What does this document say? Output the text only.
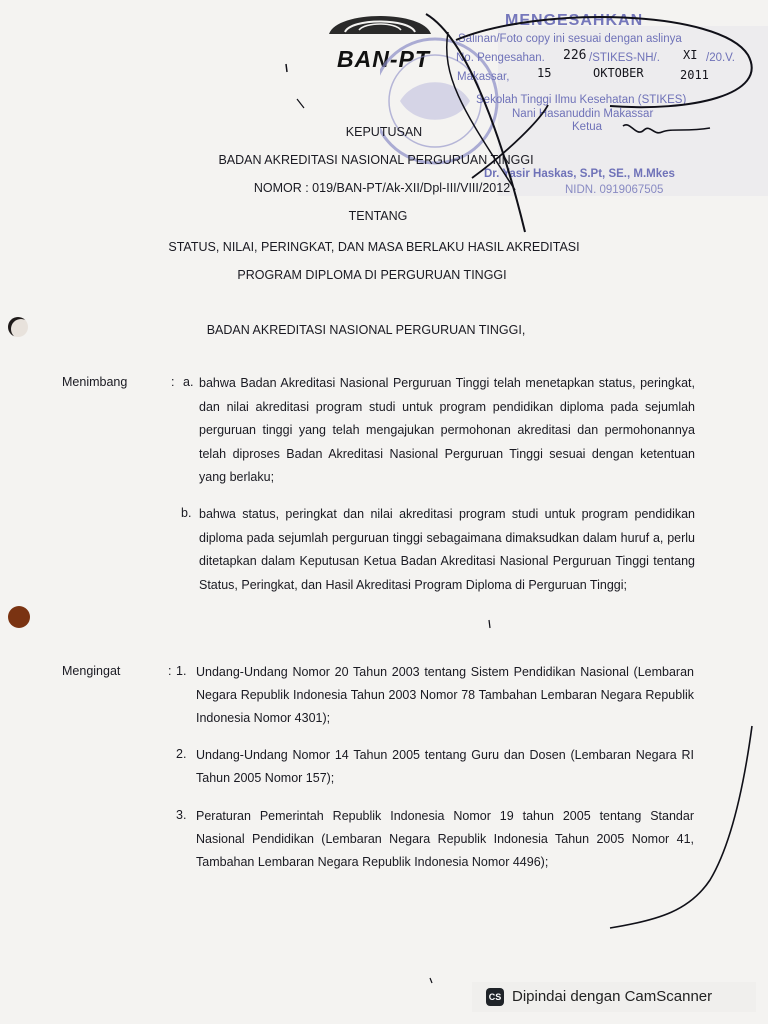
BAN-PT
MENGESAHKAN
Salinan/Foto copy ini sesuai dengan aslinya
No. Pengesahan. 226 /STIKES-NH/. XI /20.V.
Makassar, 15	OKTOBER	2011
Sekolah Tinggi Ilmu Kesehatan (STIKES)
Nani Hasanuddin Makassar
Ketua
Dr. Yasir Haskas, S.Pt, SE., M.Mkes
NIDN. 0919067505
KEPUTUSAN
BADAN AKREDITASI NASIONAL PERGURUAN TINGGI
NOMOR : 019/BAN-PT/Ak-XII/Dpl-III/VIII/2012
TENTANG
STATUS, NILAI, PERINGKAT, DAN MASA BERLAKU HASIL AKREDITASI
PROGRAM DIPLOMA DI PERGURUAN TINGGI
BADAN AKREDITASI NASIONAL PERGURUAN TINGGI,
Menimbang	: a. bahwa Badan Akreditasi Nasional Perguruan Tinggi telah menetapkan status, peringkat, dan nilai akreditasi program studi untuk program pendidikan diploma pada sejumlah perguruan tinggi yang telah mengajukan permohonan akreditasi dan permohonannya telah diproses Badan Akreditasi Nasional Perguruan Tinggi sesuai dengan ketentuan yang berlaku;
b. bahwa status, peringkat dan nilai akreditasi program studi untuk program pendidikan diploma pada sejumlah perguruan tinggi sebagaimana dimaksudkan dalam huruf a, perlu ditetapkan dalam Keputusan Ketua Badan Akreditasi Nasional Perguruan Tinggi tentang Status, Peringkat, dan Hasil Akreditasi Program Diploma di Perguruan Tinggi;
Mengingat	: 1. Undang-Undang Nomor 20 Tahun 2003 tentang Sistem Pendidikan Nasional (Lembaran Negara Republik Indonesia Tahun 2003 Nomor 78 Tambahan Lembaran Negara Republik Indonesia Nomor 4301);
2. Undang-Undang Nomor 14 Tahun 2005 tentang Guru dan Dosen (Lembaran Negara RI Tahun 2005 Nomor 157);
3. Peraturan Pemerintah Republik Indonesia Nomor 19 tahun 2005 tentang Standar Nasional Pendidikan (Lembaran Negara Republik Indonesia Tahun 2005 Nomor 41, Tambahan Lembaran Negara Republik Indonesia Nomor 4496);
CS Dipindai dengan CamScanner
